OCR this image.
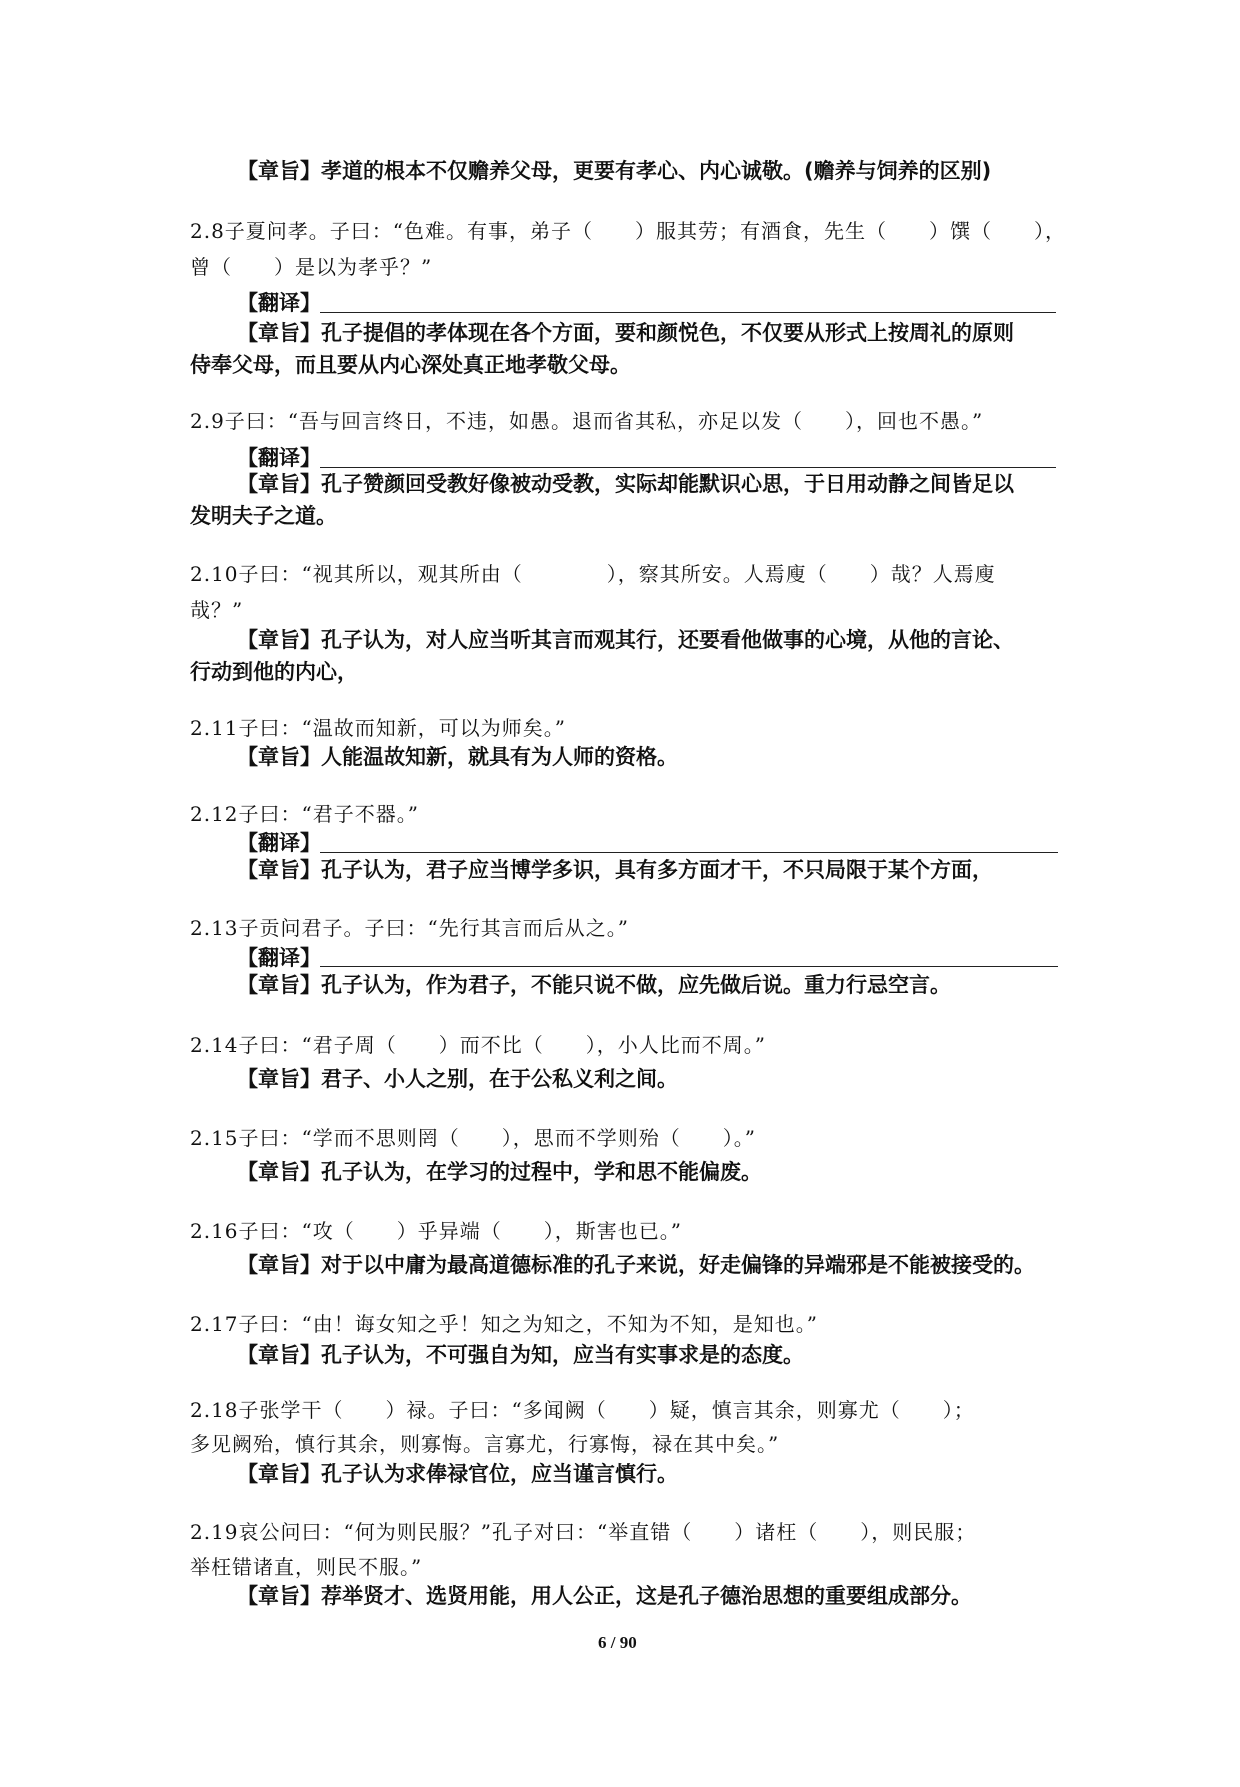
【章旨】孝道的根本不仅赡养父母，更要有孝心、内心诚敬。(赡养与饲养的区别)
2.8子夏问孝。子曰：“色难。有事，弟子（　　）服其劳；有酒食，先生（　　）馔（　　），
曾（　　）是以为孝乎？”
【翻译】
【章旨】孔子提倡的孝体现在各个方面，要和颜悦色，不仅要从形式上按周礼的原则
侍奉父母，而且要从内心深处真正地孝敬父母。
2.9子曰：“吾与回言终日，不违，如愚。退而省其私，亦足以发（　　），回也不愚。”
【翻译】
【章旨】孔子赞颜回受教好像被动受教，实际却能默识心思，于日用动静之间皆足以
发明夫子之道。
2.10子曰：“视其所以，观其所由（　　　　），察其所安。人焉廋（　　）哉？人焉廋
哉？”
【章旨】孔子认为，对人应当听其言而观其行，还要看他做事的心境，从他的言论、
行动到他的内心，
2.11子曰：“温故而知新，可以为师矣。”
【章旨】人能温故知新，就具有为人师的资格。
2.12子曰：“君子不器。”
【翻译】
【章旨】孔子认为，君子应当博学多识，具有多方面才干，不只局限于某个方面，
2.13子贡问君子。子曰：“先行其言而后从之。”
【翻译】
【章旨】孔子认为，作为君子，不能只说不做，应先做后说。重力行忌空言。
2.14子曰：“君子周（　　）而不比（　　），小人比而不周。”
【章旨】君子、小人之别，在于公私义利之间。
2.15子曰：“学而不思则罔（　　），思而不学则殆（　　）。”
【章旨】孔子认为，在学习的过程中，学和思不能偏废。
2.16子曰：“攻（　　）乎异端（　　），斯害也已。”
【章旨】对于以中庸为最高道德标准的孔子来说，好走偏锋的异端邪是不能被接受的。
2.17子曰：“由！诲女知之乎！知之为知之，不知为不知，是知也。”
【章旨】孔子认为，不可强自为知，应当有实事求是的态度。
2.18子张学干（　　）禄。子曰：“多闻阙（　　）疑，慎言其余，则寡尤（　　）；
多见阙殆，慎行其余，则寡悔。言寡尤，行寡悔，禄在其中矣。”
【章旨】孔子认为求俸禄官位，应当谨言慎行。
2.19哀公问曰：“何为则民服？”孔子对曰：“举直错（　　）诸枉（　　），则民服；
举枉错诸直，则民不服。”
【章旨】荐举贤才、选贤用能，用人公正，这是孔子德治思想的重要组成部分。
6 / 90
